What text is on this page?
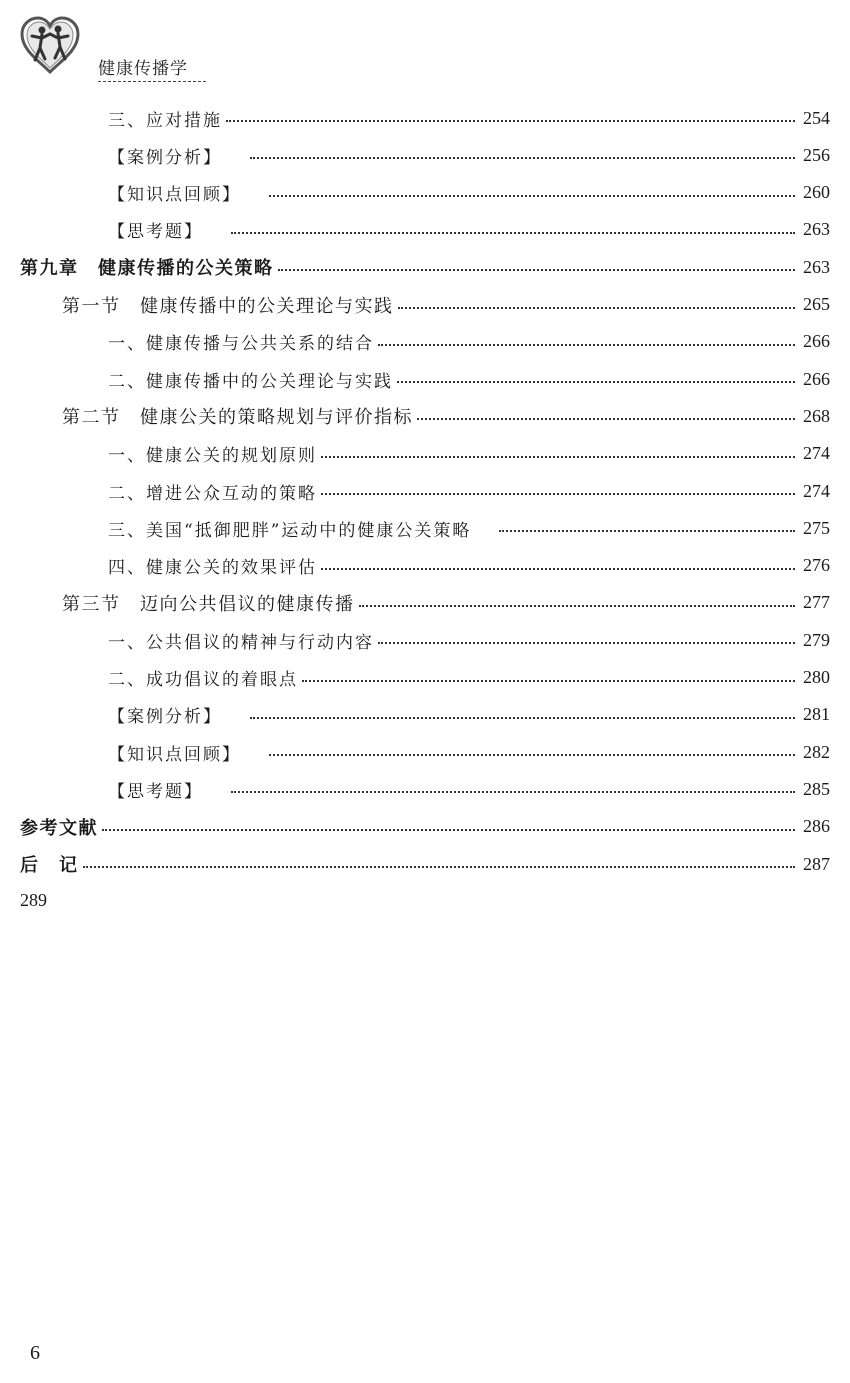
健康传播学
三、应对措施	254
【案例分析】	256
【知识点回顾】	260
【思考题】	263
第九章　健康传播的公关策略	263
第一节　健康传播中的公关理论与实践	265
一、健康传播与公共关系的结合	266
二、健康传播中的公关理论与实践	266
第二节　健康公关的策略规划与评价指标	268
一、健康公关的规划原则	274
二、增进公众互动的策略	274
三、美国“抵御肥胖”运动中的健康公关策略	275
四、健康公关的效果评估	276
第三节　迈向公共倡议的健康传播	277
一、公共倡议的精神与行动内容	279
二、成功倡议的着眼点	280
【案例分析】	281
【知识点回顾】	282
【思考题】	285
参考文献	286
后　记	287
289
6
